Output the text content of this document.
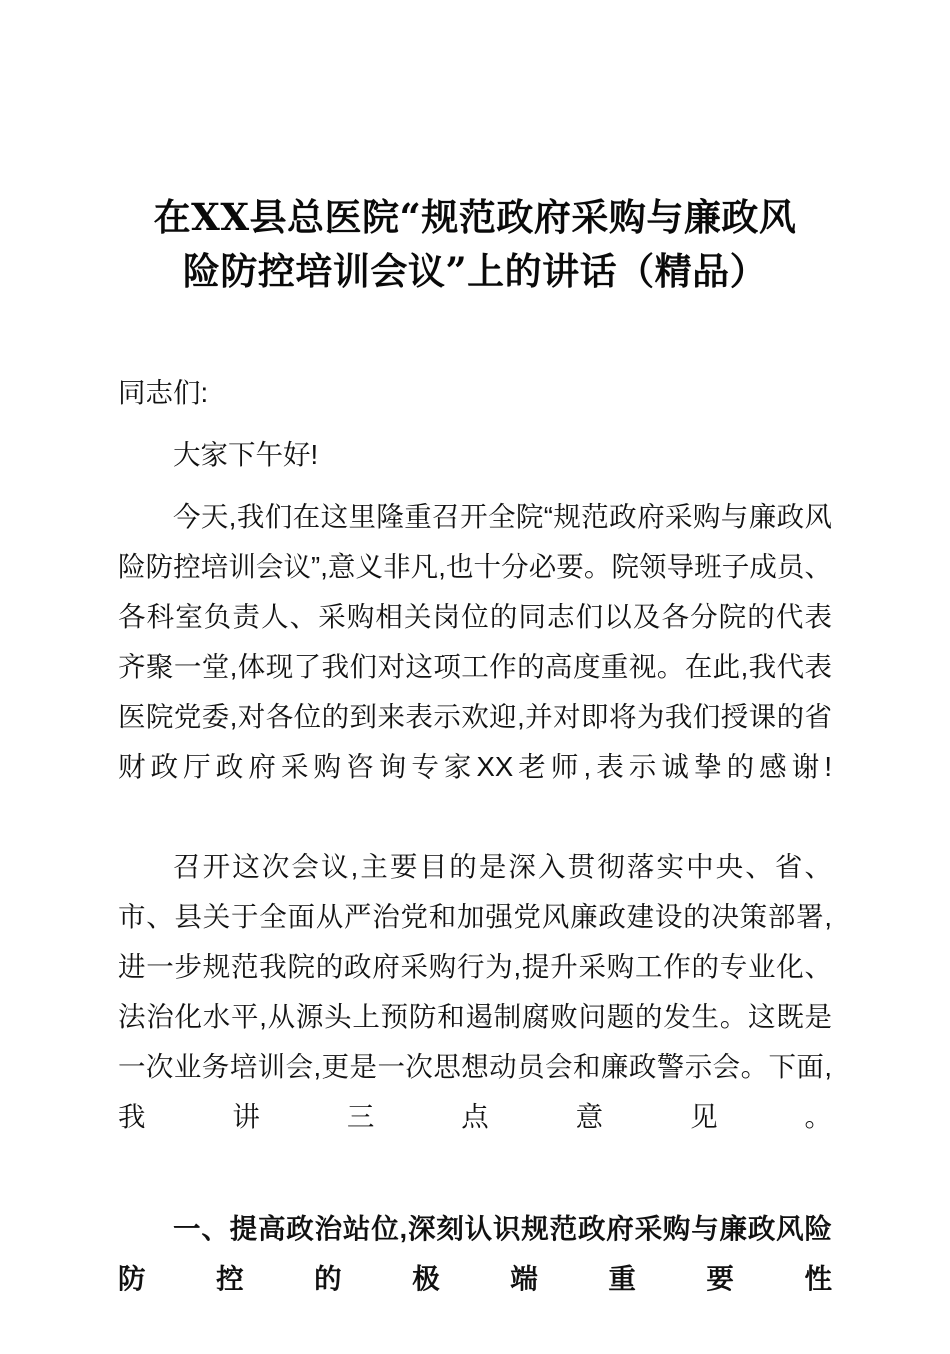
在XX县总医院“规范政府采购与廉政风
险防控培训会议”上的讲话（精品）

同志们:

大家下午好!

今天,我们在这里隆重召开全院“规范政府采购与廉政风险防控培训会议”,意义非凡,也十分必要。院领导班子成员、各科室负责人、采购相关岗位的同志们以及各分院的代表齐聚一堂,体现了我们对这项工作的高度重视。在此,我代表医院党委,对各位的到来表示欢迎,并对即将为我们授课的省财政厅政府采购咨询专家XX老师,表示诚挚的感谢!

召开这次会议,主要目的是深入贯彻落实中央、省、市、县关于全面从严治党和加强党风廉政建设的决策部署,进一步规范我院的政府采购行为,提升采购工作的专业化、法治化水平,从源头上预防和遏制腐败问题的发生。这既是一次业务培训会,更是一次思想动员会和廉政警示会。下面,我讲三点意见。

一、提高政治站位,深刻认识规范政府采购与廉政风险防控的极端重要性
